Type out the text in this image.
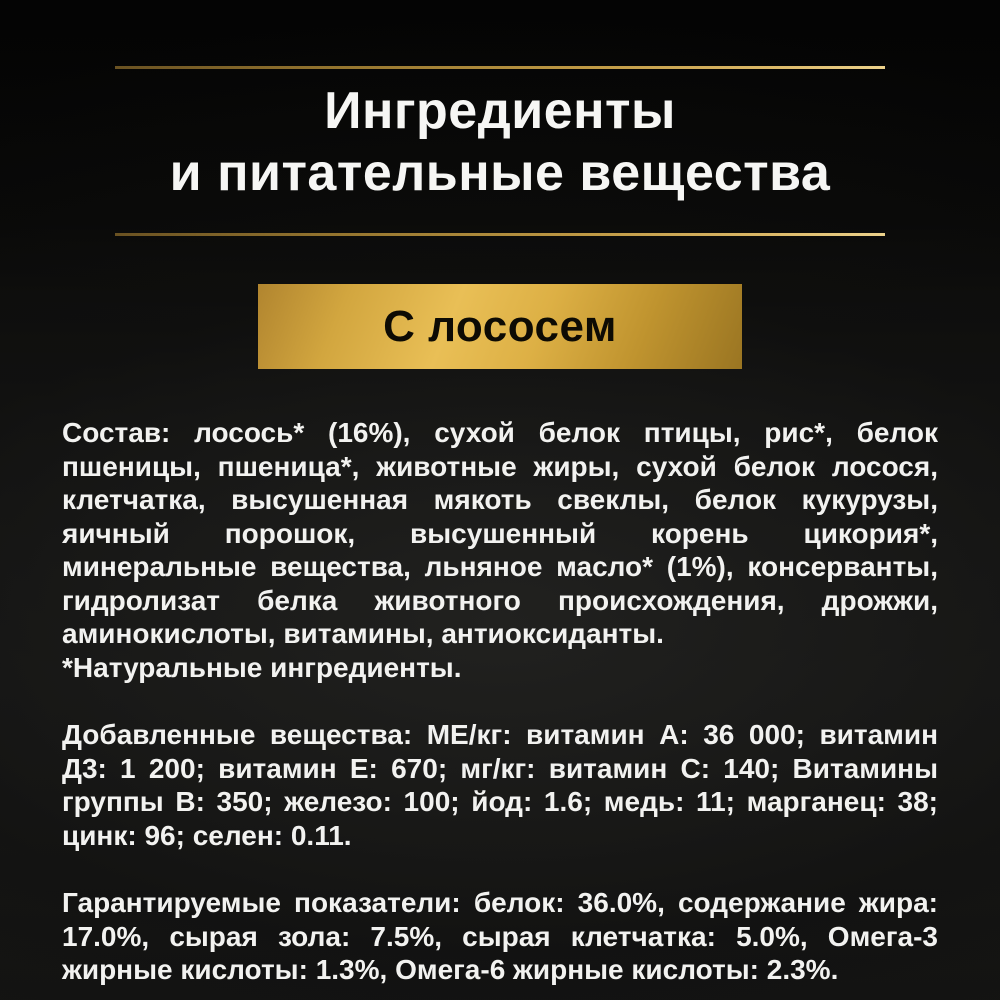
Ингредиенты
и питательные вещества
С лососем
Состав: лосось* (16%), сухой белок птицы, рис*, белок пшеницы, пшеница*, животные жиры, сухой белок лосося, клетчатка, высушенная мякоть свеклы, белок кукурузы, яичный порошок, высушенный корень цикория*, минеральные вещества, льняное масло* (1%), консерванты, гидролизат белка животного происхождения, дрожжи, аминокислоты, витамины, антиоксиданты.
*Натуральные ингредиенты.
Добавленные вещества: МЕ/кг: витамин А: 36 000; витамин Д3: 1 200; витамин Е: 670; мг/кг: витамин С: 140; Витамины группы В: 350; железо: 100; йод: 1.6; медь: 11; марганец: 38; цинк: 96; селен: 0.11.
Гарантируемые показатели: белок: 36.0%, содержание жира: 17.0%, сырая зола: 7.5%, сырая клетчатка: 5.0%, Омега-3 жирные кислоты: 1.3%, Омега-6 жирные кислоты: 2.3%.
